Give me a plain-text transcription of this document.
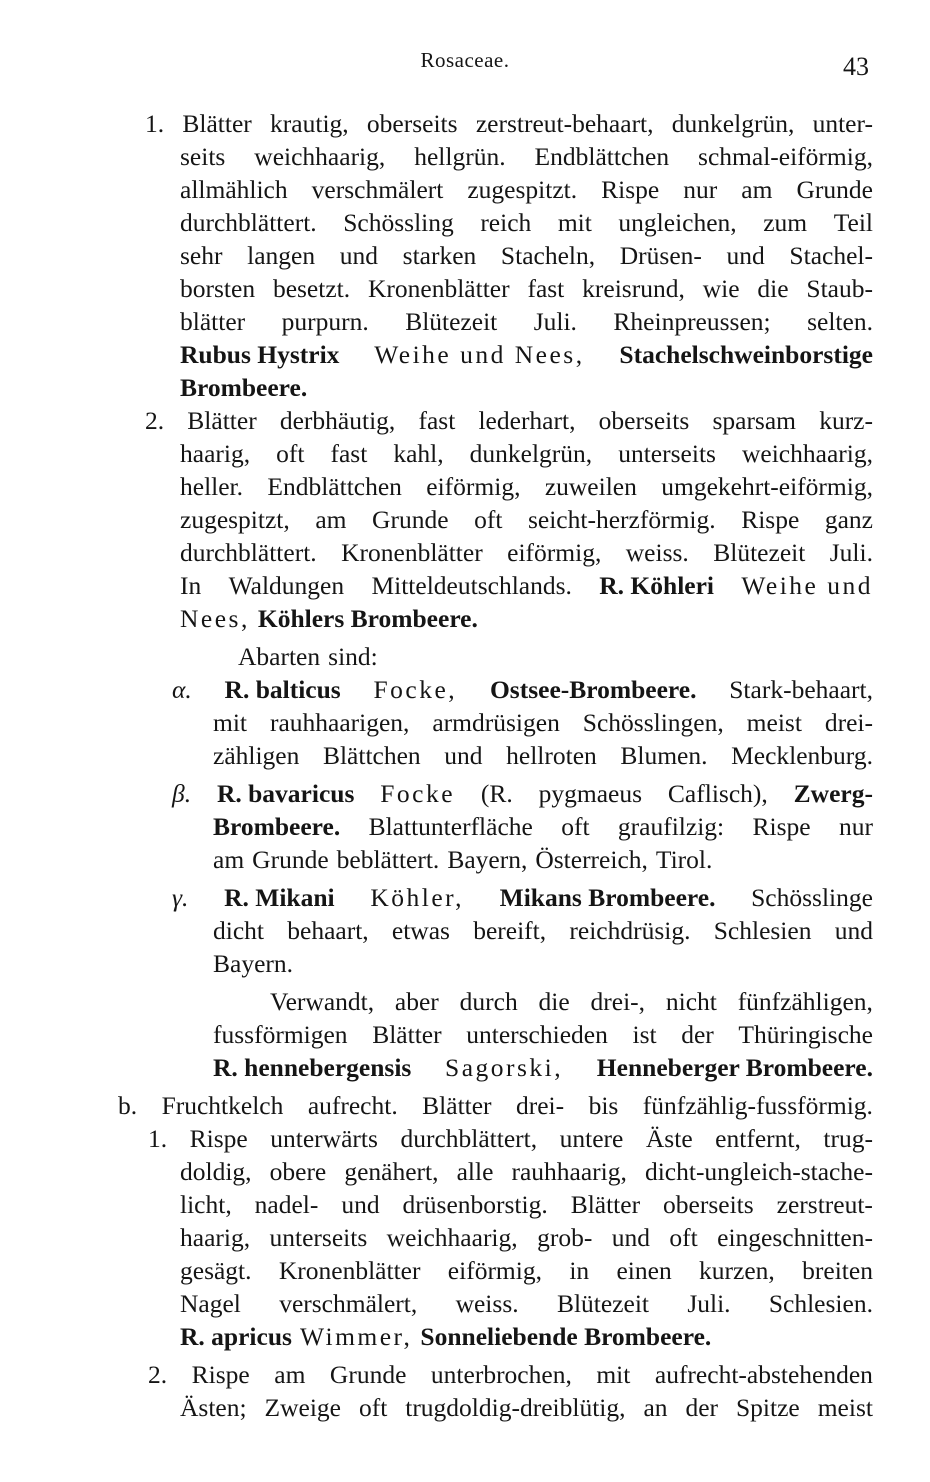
Rosaceae.	43
1. Blätter krautig, oberseits zerstreut-behaart, dunkelgrün, unter-
seits weichhaarig, hellgrün. Endblättchen schmal-eiförmig,
allmählich verschmälert zugespitzt. Rispe nur am Grunde
durchblättert. Schössling reich mit ungleichen, zum Teil
sehr langen und starken Stacheln, Drüsen- und Stachel-
borsten besetzt. Kronenblätter fast kreisrund, wie die Staub-
blätter purpurn. Blütezeit Juli. Rheinpreussen; selten.
Rubus Hystrix Weihe und Nees, Stachelschweinborstige
Brombeere.
2. Blätter derbhäutig, fast lederhart, oberseits sparsam kurz-
haarig, oft fast kahl, dunkelgrün, unterseits weichhaarig,
heller. Endblättchen eiförmig, zuweilen umgekehrt-eiförmig,
zugespitzt, am Grunde oft seicht-herzförmig. Rispe ganz
durchblättert. Kronenblätter eiförmig, weiss. Blütezeit Juli.
In Waldungen Mitteldeutschlands. R. Köhleri Weihe und
Nees, Köhlers Brombeere.
Abarten sind:
α. R. balticus Focke, Ostsee-Brombeere. Stark-behaart,
mit rauhhaarigen, armdrüsigen Schösslingen, meist drei-
zähligen Blättchen und hellroten Blumen. Mecklenburg.
β. R. bavaricus Focke (R. pygmaeus Caflisch), Zwerg-
Brombeere. Blattunterfläche oft graufilzig: Rispe nur
am Grunde beblättert. Bayern, Österreich, Tirol.
γ. R. Mikani Köhler, Mikans Brombeere. Schösslinge
dicht behaart, etwas bereift, reichdrüsig. Schlesien und
Bayern.
Verwandt, aber durch die drei-, nicht fünfzähligen,
fussförmigen Blätter unterschieden ist der Thüringische
R. hennebergensis Sagorski, Henneberger Brombeere.
b. Fruchtkelch aufrecht. Blätter drei- bis fünfzählig-fussförmig.
1. Rispe unterwärts durchblättert, untere Äste entfernt, trug-
doldig, obere genähert, alle rauhhaarig, dicht-ungleich-stache-
licht, nadel- und drüsenborstig. Blätter oberseits zerstreut-
haarig, unterseits weichhaarig, grob- und oft eingeschnitten-
gesägt. Kronenblätter eiförmig, in einen kurzen, breiten
Nagel verschmälert, weiss. Blütezeit Juli. Schlesien.
R. apricus Wimmer, Sonneliebende Brombeere.
2. Rispe am Grunde unterbrochen, mit aufrecht-abstehenden
Ästen; Zweige oft trugdoldig-dreiblütig, an der Spitze meist
